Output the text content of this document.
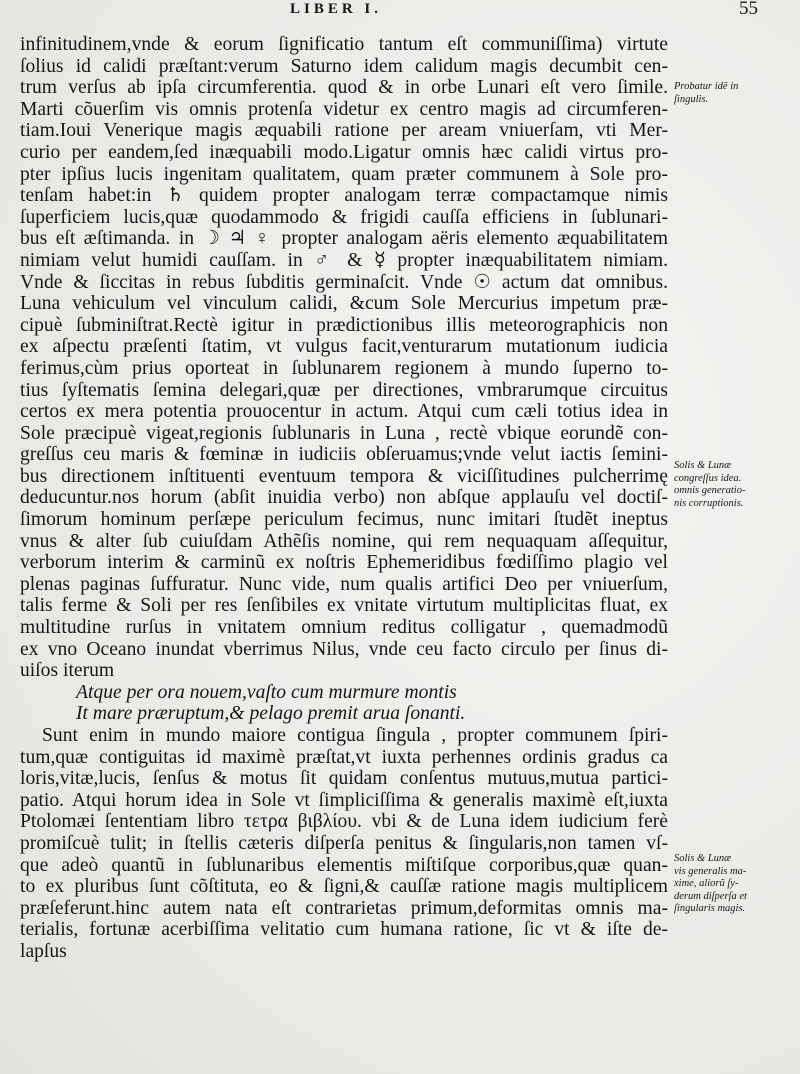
LIBER I.	55
infinitudinem,vnde & eorum ſignificatio tantum eſt communiſſima) virtute
ſolius id calidi præſtant:verum Saturno idem calidum magis decumbit cen-
trum verſus ab ipſa circumferentia. quod & in orbe Lunari eſt vero ſimile.
Marti cõuerſim vis omnis protenſa videtur ex centro magis ad circumferen-
tiam.Ioui Venerique magis æquabili ratione per aream vniuerſam, vti Mer-
curio per eandem,ſed inæquabili modo.Ligatur omnis hæc calidi virtus pro-
pter ipſius lucis ingenitam qualitatem, quam præter communem à Sole pro-
tenſam habet:in ♄ quidem propter analogam terræ compactamque nimis
ſuperficiem lucis,quæ quodammodo & frigidi cauſſa efficiens in ſublunari-
bus eſt æſtimanda. in ☽ ♃ ♀ propter analogam aëris elemento æquabilitatem
nimiam velut humidi cauſſam. in ♂ & ☿ propter inæquabilitatem nimiam.
Vnde & ſiccitas in rebus ſubditis germinaſcit. Vnde ☉ actum dat omnibus.
Luna vehiculum vel vinculum calidi, &cum Sole Mercurius impetum præ-
cipuè ſubminiſtrat.Rectè igitur in prædictionibus illis meteorographicis non
ex aſpectu præſenti ſtatim, vt vulgus facit,venturarum mutationum iudicia
ferimus,cùm prius oporteat in ſublunarem regionem à mundo ſuperno to-
tius ſyſtematis ſemina delegari,quæ per directiones, vmbrarumque circuitus
certos ex mera potentia prouocentur in actum. Atqui cum cæli totius idea in
Sole præcipuè vigeat,regionis ſublunaris in Luna , rectè vbique eorundẽ con-
greſſus ceu maris & fœminæ in iudiciis obſeruamus;vnde velut iactis ſemini-
bus directionem inſtituenti eventuum tempora & viciſſitudines pulcherrimę
deducuntur.nos horum (abſit inuidia verbo) non abſque applauſu vel doctiſ-
ſimorum hominum perſæpe periculum fecimus, nunc imitari ſtudẽt ineptus
vnus & alter ſub cuiuſdam Athẽſis nomine, qui rem nequaquam aſſequitur,
verborum interim & carminũ ex noſtris Ephemeridibus fœdiſſimo plagio vel
plenas paginas ſuffuratur. Nunc vide, num qualis artifici Deo per vniuerſum,
talis ferme & Soli per res ſenſibiles ex vnitate virtutum multiplicitas fluat, ex
multitudine rurſus in vnitatem omnium reditus colligatur , quemadmodũ
ex vno Oceano inundat vberrimus Nilus, vnde ceu facto circulo per ſinus di-
uiſos iterum
Atque per ora nouem,vaſto cum murmure montis
It mare præruptum,& pelago premit arua ſonanti.
Sunt enim in mundo maiore contigua ſingula , propter communem ſpiri-
tum,quæ contiguitas id maximè præſtat,vt iuxta perhennes ordinis gradus ca
loris,vitæ,lucis, ſenſus & motus ſit quidam conſentus mutuus,mutua partici-
patio. Atqui horum idea in Sole vt ſimpliciſſima & generalis maximè eſt,iuxta
Ptolomæi ſententiam libro τετρα βιβλίου. vbi & de Luna idem iudicium ferè
promiſcuè tulit; in ſtellis cæteris diſperſa penitus & ſingularis,non tamen vſ-
que adeò quantũ in ſublunaribus elementis miſtiſque corporibus,quæ quan-
to ex pluribus ſunt cõſtituta, eo & ſigni,& cauſſæ ratione magis multiplicem
præſeferunt.hinc autem nata eſt contrarietas primum,deformitas omnis ma-
terialis, fortunæ acerbiſſima velitatio cum humana ratione, ſic vt & iſte de-
lapſus
Probatur idẽ in
ſingulis.
Solis & Lunæ
congreſſus idea.
omnis generatio-
nis corruptionis.
Solis & Lunæ
vis generalis ma-
xime, aliorũ ſy-
derum diſperſa et
ſingularis magis.
